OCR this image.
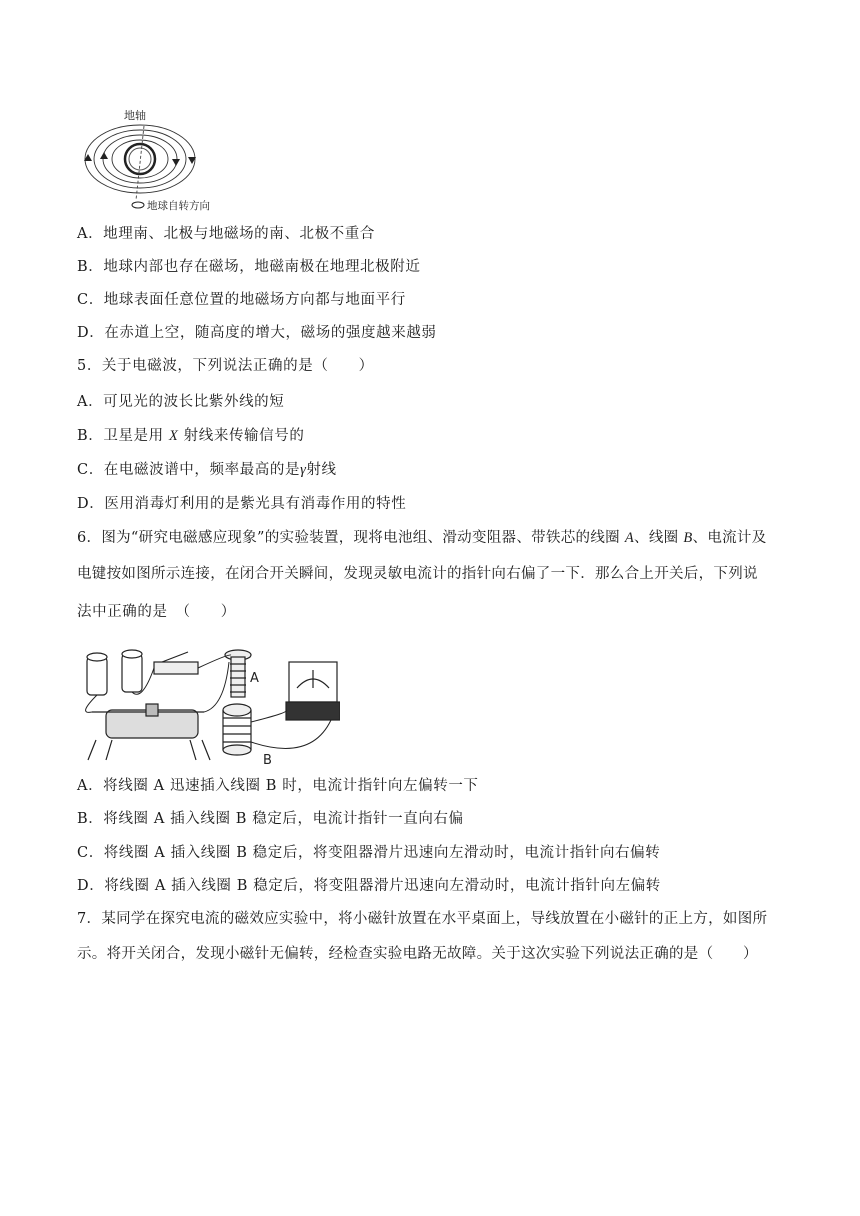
地轴
地球自转方向
A．地理南、北极与地磁场的南、北极不重合
B．地球内部也存在磁场，地磁南极在地理北极附近
C．地球表面任意位置的地磁场方向都与地面平行
D．在赤道上空，随高度的增大，磁场的强度越来越弱
5．关于电磁波，下列说法正确的是（　　）
A．可见光的波长比紫外线的短
B．卫星是用 X 射线来传输信号的
C．在电磁波谱中，频率最高的是γ射线
D．医用消毒灯利用的是紫光具有消毒作用的特性
6．图为“研究电磁感应现象”的实验装置，现将电池组、滑动变阻器、带铁芯的线圈 A、线圈 B、电流计及
电键按如图所示连接，在闭合开关瞬间，发现灵敏电流计的指针向右偏了一下．那么合上开关后，下列说
法中正确的是　（　　）
A
B
A．将线圈 A 迅速插入线圈 B 时，电流计指针向左偏转一下
B．将线圈 A 插入线圈 B 稳定后，电流计指针一直向右偏
C．将线圈 A 插入线圈 B 稳定后，将变阻器滑片迅速向左滑动时，电流计指针向右偏转
D．将线圈 A 插入线圈 B 稳定后，将变阻器滑片迅速向左滑动时，电流计指针向左偏转
7．某同学在探究电流的磁效应实验中，将小磁针放置在水平桌面上，导线放置在小磁针的正上方，如图所
示。将开关闭合，发现小磁针无偏转，经检查实验电路无故障。关于这次实验下列说法正确的是（　　）
